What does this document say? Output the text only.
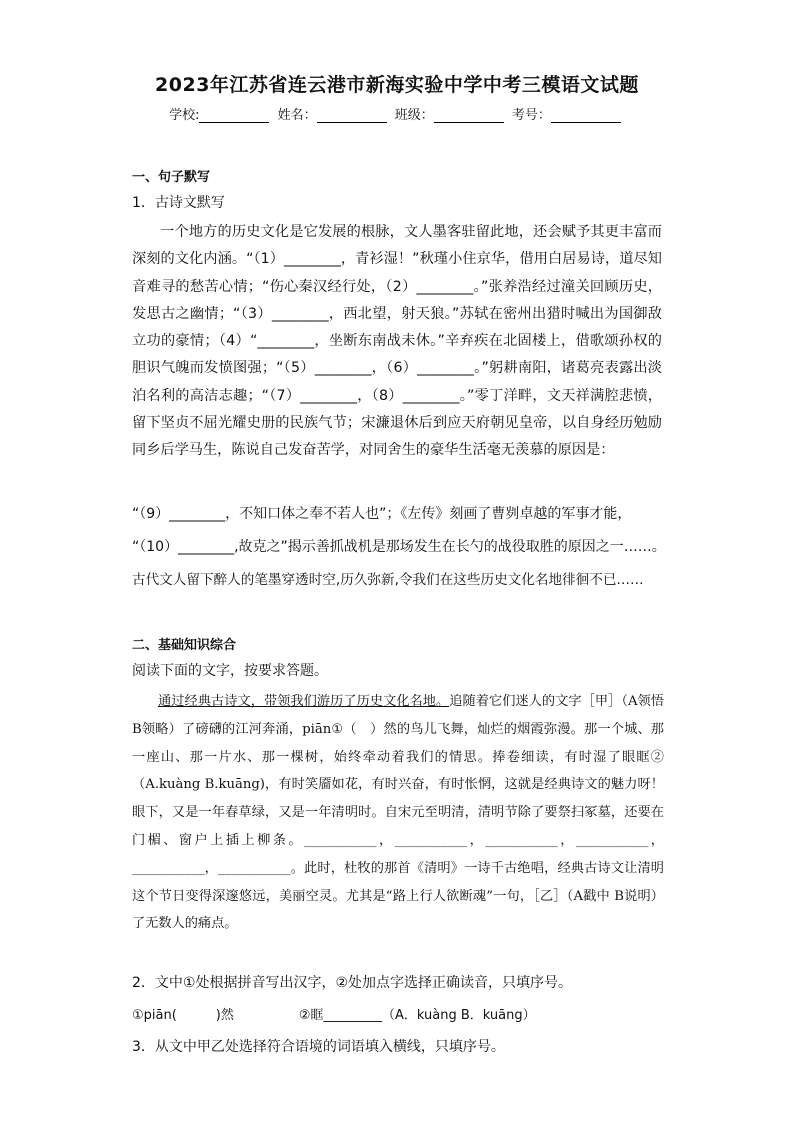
2023年江苏省连云港市新海实验中学中考三模语文试题
学校:	姓名：	班级：	考号：
一、句子默写
1．古诗文默写
一个地方的历史文化是它发展的根脉，文人墨客驻留此地，还会赋予其更丰富而深刻的文化内涵。“（1）________，青衫湿！”秋瑾小住京华，借用白居易诗，道尽知音难寻的愁苦心情；“伤心秦汉经行处，（2）________。”张养浩经过潼关回顾历史，发思古之幽情；“（3）________，西北望，射天狼。”苏轼在密州出猎时喊出为国御敌立功的豪情；（4）“________，坐断东南战未休。”辛弃疾在北固楼上，借歌颂孙权的胆识气魄而发愤图强；“（5）________，（6）________。”躬耕南阳，诸葛亮表露出淡泊名利的高洁志趣；“（7）________，（8）________。”零丁洋畔，文天祥满腔悲愤，留下坚贞不屈光耀史册的民族气节；宋濂退休后到应天府朝见皇帝，以自身经历勉励同乡后学马生，陈说自己发奋苦学，对同舍生的豪华生活毫无羡慕的原因是：
“（9）________，不知口体之奉不若人也”；《左传》刻画了曹刿卓越的军事才能，
“（10）________,故克之”揭示善抓战机是那场发生在长勺的战役取胜的原因之一……。
古代文人留下醉人的笔墨穿透时空,历久弥新,令我们在这些历史文化名地徘徊不已……
二、基础知识综合
阅读下面的文字，按要求答题。
通过经典古诗文，带领我们游历了历史文化名地。追随着它们迷人的文字［甲］（A领悟 B领略）了磅礴的江河奔涌，piān①（　）然的鸟儿飞舞，灿烂的烟霞弥漫。那一个城、那一座山、那一片水、那一棵树，始终牵动着我们的情思。捧卷细读，有时湿了眼眶②（A.kuàng B.kuāng)，有时笑靥如花，有时兴奋，有时怅惘，这就是经典诗文的魅力呀！眼下，又是一年春草绿，又是一年清明时。自宋元至明清，清明节除了要祭扫冢墓，还要在门楣、窗户上插上柳条。___________，___________，___________，___________，___________，___________。此时，杜牧的那首《清明》一诗千古绝唱，经典古诗文让清明这个节日变得深邃悠远，美丽空灵。尤其是“路上行人欲断魂”一句，［乙］（A戳中 B说明）了无数人的痛点。
2．文中①处根据拼音写出汉字，②处加点字选择正确读音，只填序号。
①piān(　　　)然　　　　　②眶_________（A．kuàng B．kuāng）
3．从文中甲乙处选择符合语境的词语填入横线，只填序号。
